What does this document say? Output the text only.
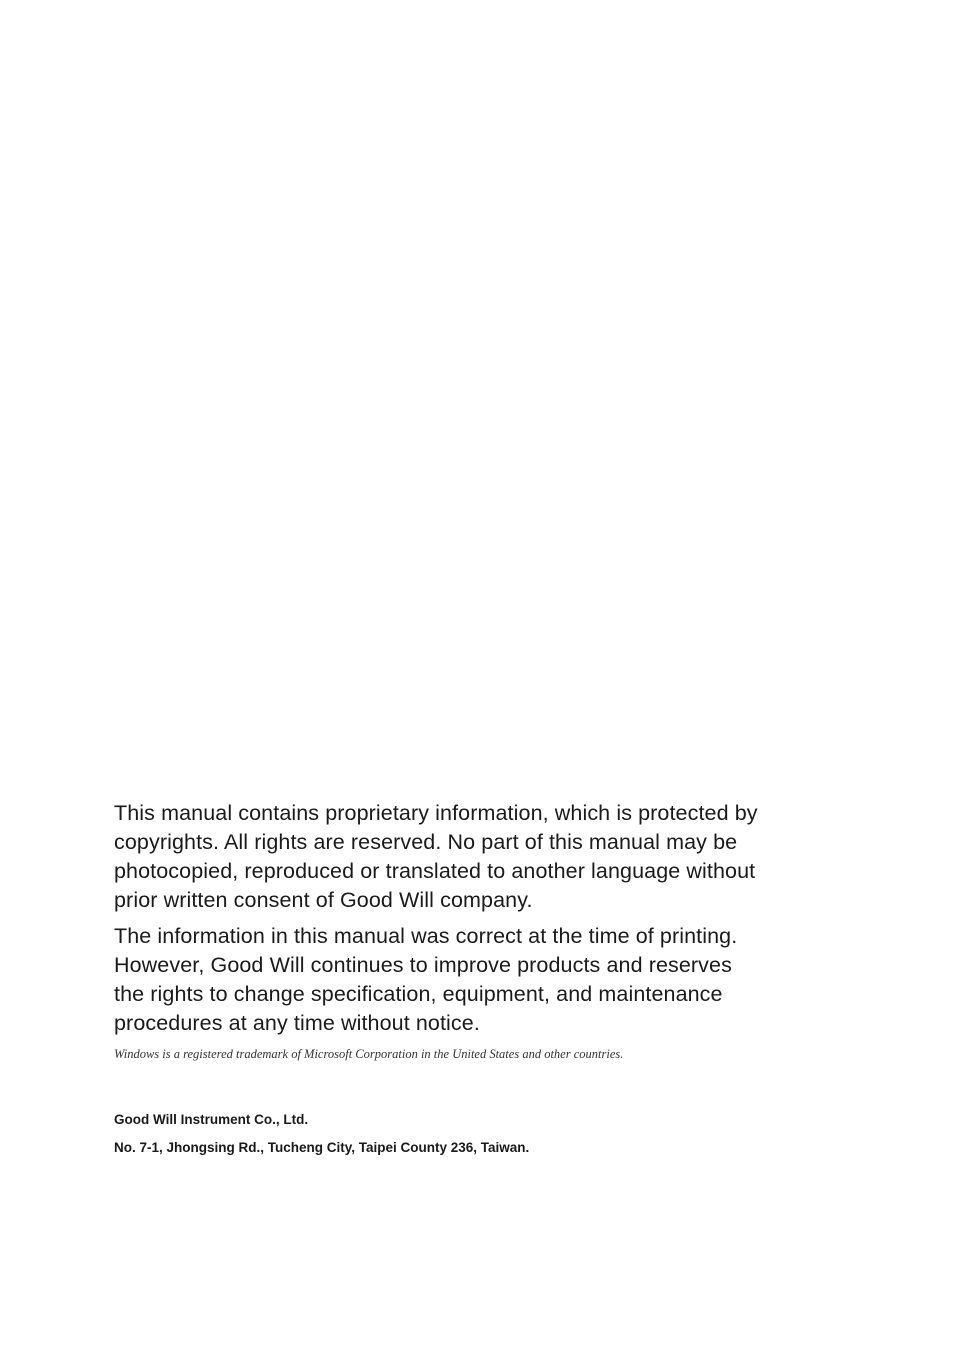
This manual contains proprietary information, which is protected by
copyrights. All rights are reserved. No part of this manual may be
photocopied, reproduced or translated to another language without
prior written consent of Good Will company.

The information in this manual was correct at the time of printing.
However, Good Will continues to improve products and reserves
the rights to change specification, equipment, and maintenance
procedures at any time without notice.

Windows is a registered trademark of Microsoft Corporation in the United States and other countries.
Good Will Instrument Co., Ltd.
No. 7-1, Jhongsing Rd., Tucheng City, Taipei County 236, Taiwan.
